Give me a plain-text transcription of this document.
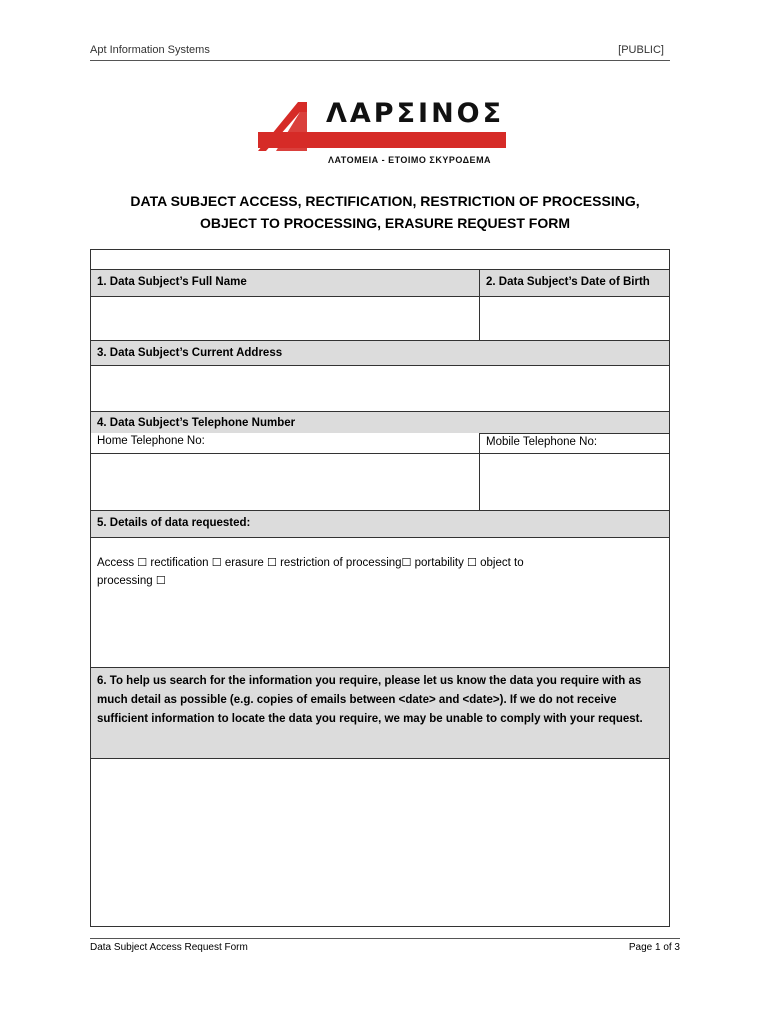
Apt Information Systems	[PUBLIC]
ΛΑΡΣΙΝΟΣ
ΛΑΤΟΜΕΙΑ - ΕΤΟΙΜΟ ΣΚΥΡΟΔΕΜΑ
DATA SUBJECT ACCESS, RECTIFICATION, RESTRICTION OF PROCESSING,
OBJECT TO PROCESSING, ERASURE REQUEST FORM
1. Data Subject’s Full Name	2. Data Subject’s Date of Birth
3. Data Subject’s Current Address
4. Data Subject’s Telephone Number
Home Telephone No:	Mobile Telephone No:
5. Details of data requested:
Access ☐ rectification ☐ erasure ☐ restriction of processing☐ portability ☐ object to
processing ☐
6. To help us search for the information you require, please let us know the data you require with as much detail as possible (e.g. copies of emails between <date> and <date>). If we do not receive sufficient information to locate the data you require, we may be unable to comply with your request.
Data Subject Access Request Form	Page 1 of 3
